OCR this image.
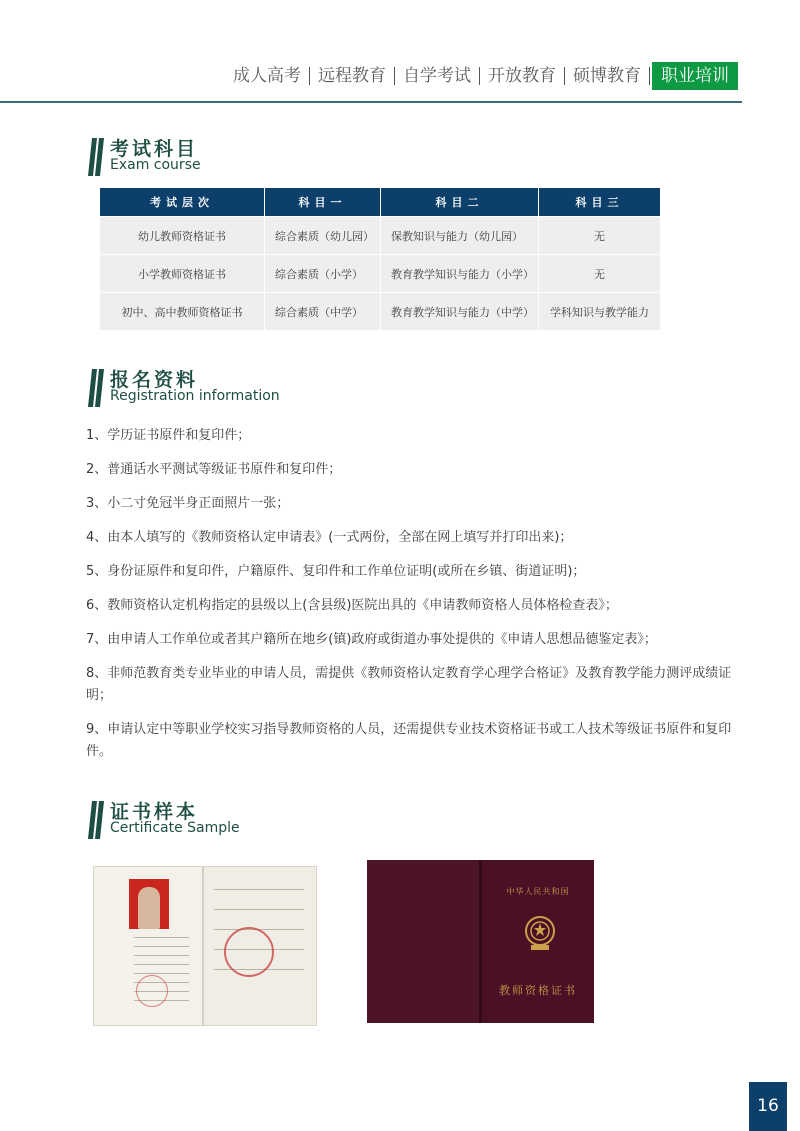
成人高考	远程教育	自学考试	开放教育	硕博教育	职业培训
考试科目
Exam course
考试层次	科目一	科目二	科目三
幼儿教师资格证书	综合素质（幼儿园）	保教知识与能力（幼儿园）	无
小学教师资格证书	综合素质（小学）	教育教学知识与能力（小学）	无
初中、高中教师资格证书	综合素质（中学）	教育教学知识与能力（中学）	学科知识与教学能力
报名资料
Registration information
1、学历证书原件和复印件；
2、普通话水平测试等级证书原件和复印件；
3、小二寸免冠半身正面照片一张；
4、由本人填写的《教师资格认定申请表》(一式两份，全部在网上填写并打印出来)；
5、身份证原件和复印件，户籍原件、复印件和工作单位证明(或所在乡镇、街道证明)；
6、教师资格认定机构指定的县级以上(含县级)医院出具的《申请教师资格人员体格检查表》；
7、由申请人工作单位或者其户籍所在地乡(镇)政府或街道办事处提供的《申请人思想品德鉴定表》；
8、非师范教育类专业毕业的申请人员，需提供《教师资格认定教育学心理学合格证》及教育教学能力测评成绩证明；
9、申请认定中等职业学校实习指导教师资格的人员，还需提供专业技术资格证书或工人技术等级证书原件和复印件。
证书样本
Certificate Sample
中华人民共和国
教师资格证书
16
